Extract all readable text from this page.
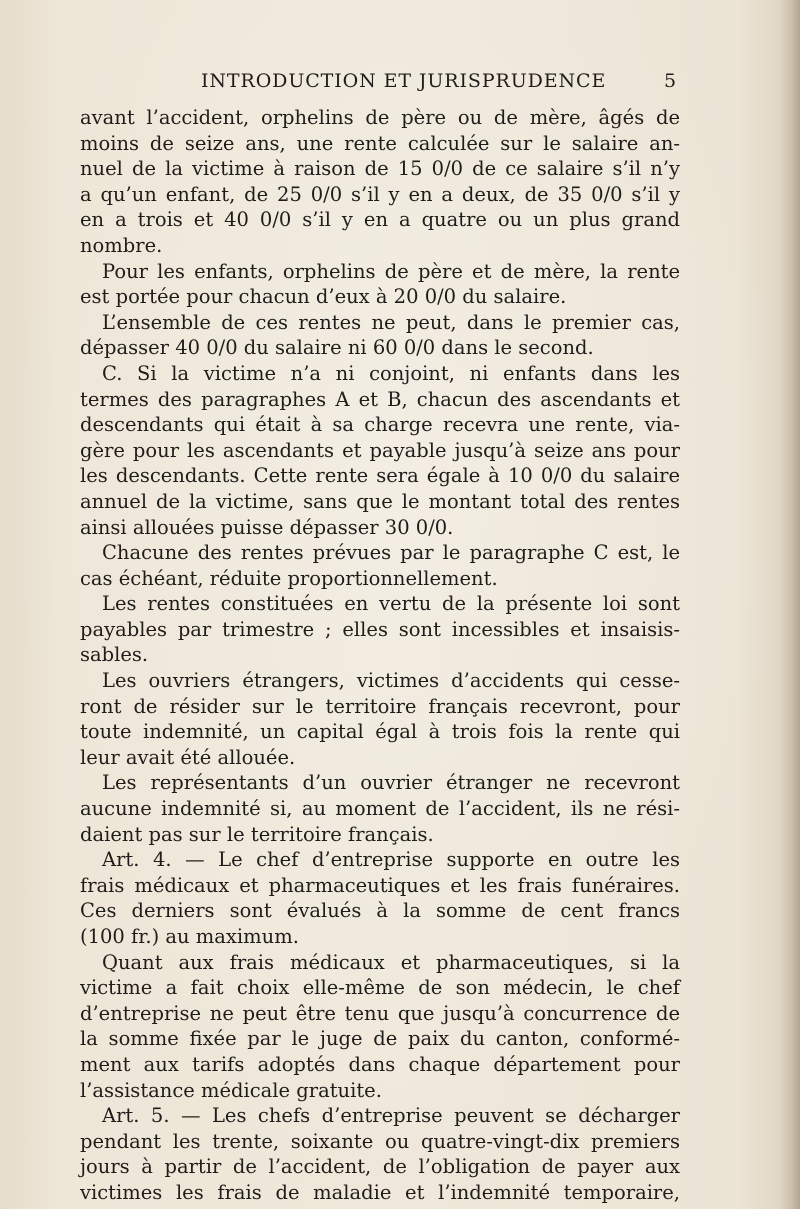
INTRODUCTION ET JURISPRUDENCE	5
avant l’accident, orphelins de père ou de mère, âgés de
moins de seize ans, une rente calculée sur le salaire an-
nuel de la victime à raison de 15 0/0 de ce salaire s’il n’y
a qu’un enfant, de 25 0/0 s’il y en a deux, de 35 0/0 s’il y
en a trois et 40 0/0 s’il y en a quatre ou un plus grand
nombre.
Pour les enfants, orphelins de père et de mère, la rente
est portée pour chacun d’eux à 20 0/0 du salaire.
L’ensemble de ces rentes ne peut, dans le premier cas,
dépasser 40 0/0 du salaire ni 60 0/0 dans le second.
C. Si la victime n’a ni conjoint, ni enfants dans les
termes des paragraphes A et B, chacun des ascendants et
descendants qui était à sa charge recevra une rente, via-
gère pour les ascendants et payable jusqu’à seize ans pour
les descendants. Cette rente sera égale à 10 0/0 du salaire
annuel de la victime, sans que le montant total des rentes
ainsi allouées puisse dépasser 30 0/0.
Chacune des rentes prévues par le paragraphe C est, le
cas échéant, réduite proportionnellement.
Les rentes constituées en vertu de la présente loi sont
payables par trimestre ; elles sont incessibles et insaisis-
sables.
Les ouvriers étrangers, victimes d’accidents qui cesse-
ront de résider sur le territoire français recevront, pour
toute indemnité, un capital égal à trois fois la rente qui
leur avait été allouée.
Les représentants d’un ouvrier étranger ne recevront
aucune indemnité si, au moment de l’accident, ils ne rési-
daient pas sur le territoire français.
Art. 4. — Le chef d’entreprise supporte en outre les
frais médicaux et pharmaceutiques et les frais funéraires.
Ces derniers sont évalués à la somme de cent francs
(100 fr.) au maximum.
Quant aux frais médicaux et pharmaceutiques, si la
victime a fait choix elle-même de son médecin, le chef
d’entreprise ne peut être tenu que jusqu’à concurrence de
la somme fixée par le juge de paix du canton, conformé-
ment aux tarifs adoptés dans chaque département pour
l’assistance médicale gratuite.
Art. 5. — Les chefs d’entreprise peuvent se décharger
pendant les trente, soixante ou quatre-vingt-dix premiers
jours à partir de l’accident, de l’obligation de payer aux
victimes les frais de maladie et l’indemnité temporaire,
